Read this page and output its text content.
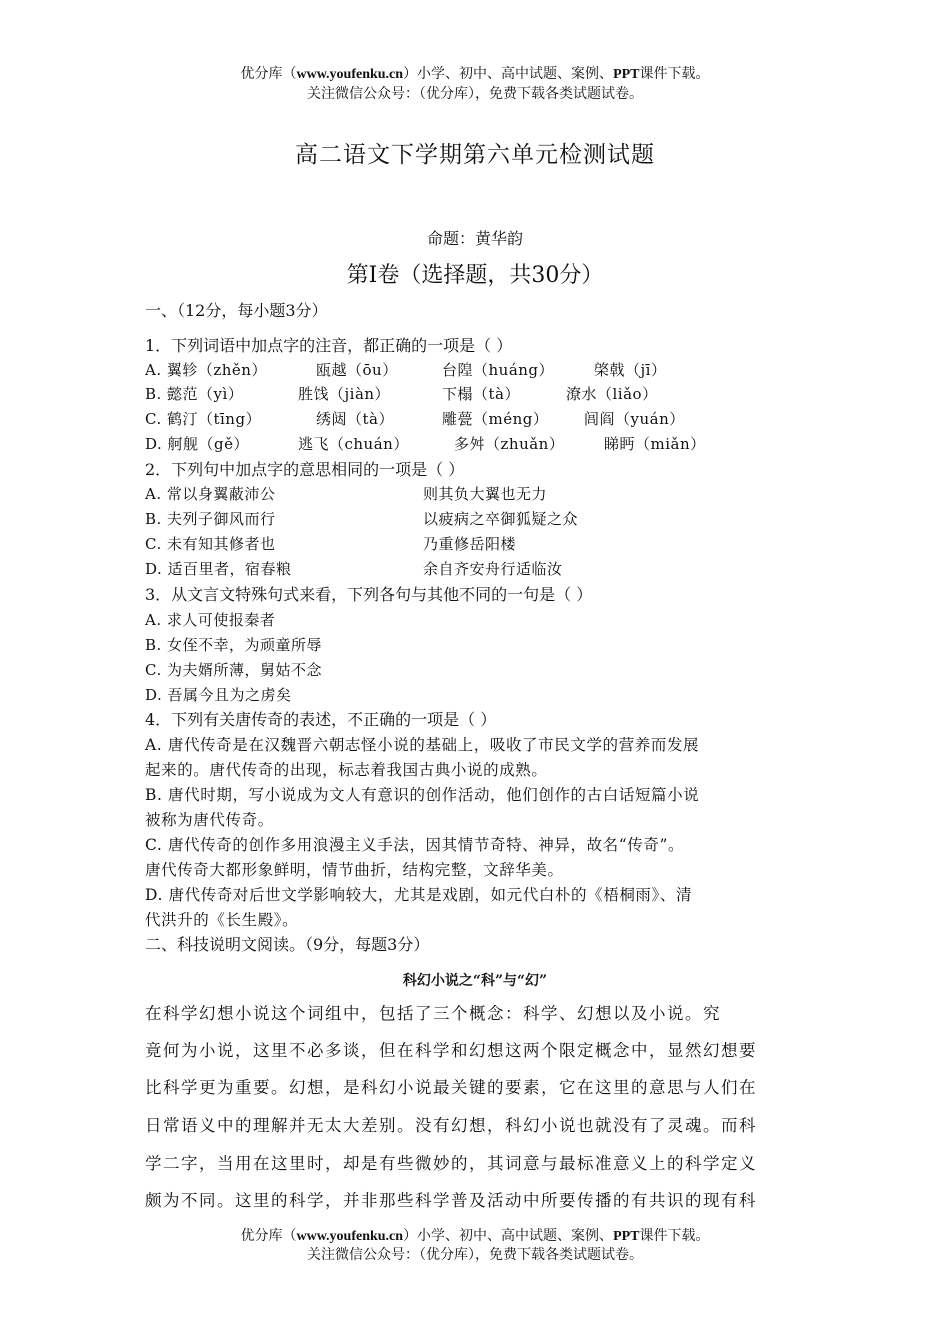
优分库（www.youfenku.cn）小学、初中、高中试题、案例、PPT课件下载。
关注微信公众号：（优分库），免费下载各类试题试卷。
高二语文下学期第六单元检测试题
命题：黄华韵
第Ⅰ卷（选择题，共30分）
一、（12分，每小题3分）
1．下列词语中加点字的注音，都正确的一项是（ ）
A. 翼轸（zhěn）	瓯越（ōu）	台隍（huáng）	棨戟（jī）
B. 懿范（yì）	胜饯（jiàn）	下榻（tà）	潦水（liǎo）
C. 鹤汀（tīng）	绣闼（tà）	雕甍（méng） 闾阎（yuán）
D. 舸舰（gě）	逃飞（chuán）	多舛（zhuǎn）	睇眄（miǎn）
2．下列句中加点字的意思相同的一项是（ ）
A. 常以身翼蔽沛公	则其负大翼也无力
B. 夫列子御风而行	以疲病之卒御狐疑之众
C. 未有知其修者也	乃重修岳阳楼
D. 适百里者，宿春粮	余自齐安舟行适临汝
3．从文言文特殊句式来看，下列各句与其他不同的一句是（ ）
A. 求人可使报秦者
B. 女侄不幸，为顽童所辱
C. 为夫婿所薄，舅姑不念
D. 吾属今且为之虏矣
4．下列有关唐传奇的表述，不正确的一项是（ ）
A. 唐代传奇是在汉魏晋六朝志怪小说的基础上，吸收了市民文学的营养而发展
起来的。唐代传奇的出现，标志着我国古典小说的成熟。
B. 唐代时期，写小说成为文人有意识的创作活动，他们创作的古白话短篇小说
被称为唐代传奇。
C. 唐代传奇的创作多用浪漫主义手法，因其情节奇特、神异，故名“传奇”。
唐代传奇大都形象鲜明，情节曲折，结构完整，文辞华美。
D. 唐代传奇对后世文学影响较大，尤其是戏剧，如元代白朴的《梧桐雨》、清
代洪升的《长生殿》。
二、科技说明文阅读。（9分，每题3分）
科幻小说之“科”与“幻”
在科学幻想小说这个词组中，包括了三个概念：科学、幻想以及小说。究
竟何为小说，这里不必多谈，但在科学和幻想这两个限定概念中，显然幻想要
比科学更为重要。幻想，是科幻小说最关键的要素，它在这里的意思与人们在
日常语义中的理解并无太大差别。没有幻想，科幻小说也就没有了灵魂。而科
学二字，当用在这里时，却是有些微妙的，其词意与最标准意义上的科学定义
颇为不同。这里的科学，并非那些科学普及活动中所要传播的有共识的现有科
优分库（www.youfenku.cn）小学、初中、高中试题、案例、PPT课件下载。
关注微信公众号：（优分库），免费下载各类试题试卷。
